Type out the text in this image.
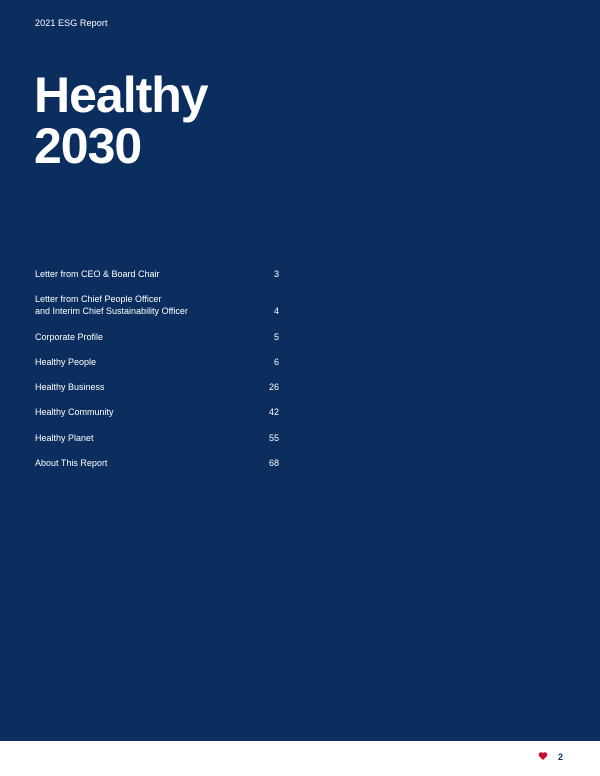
2021 ESG Report
Healthy
2030
Letter from CEO & Board Chair	3
Letter from Chief People Officer
and Interim Chief Sustainability Officer	4
Corporate Profile	5
Healthy People	6
Healthy Business	26
Healthy Community	42
Healthy Planet	55
About This Report	68
2
